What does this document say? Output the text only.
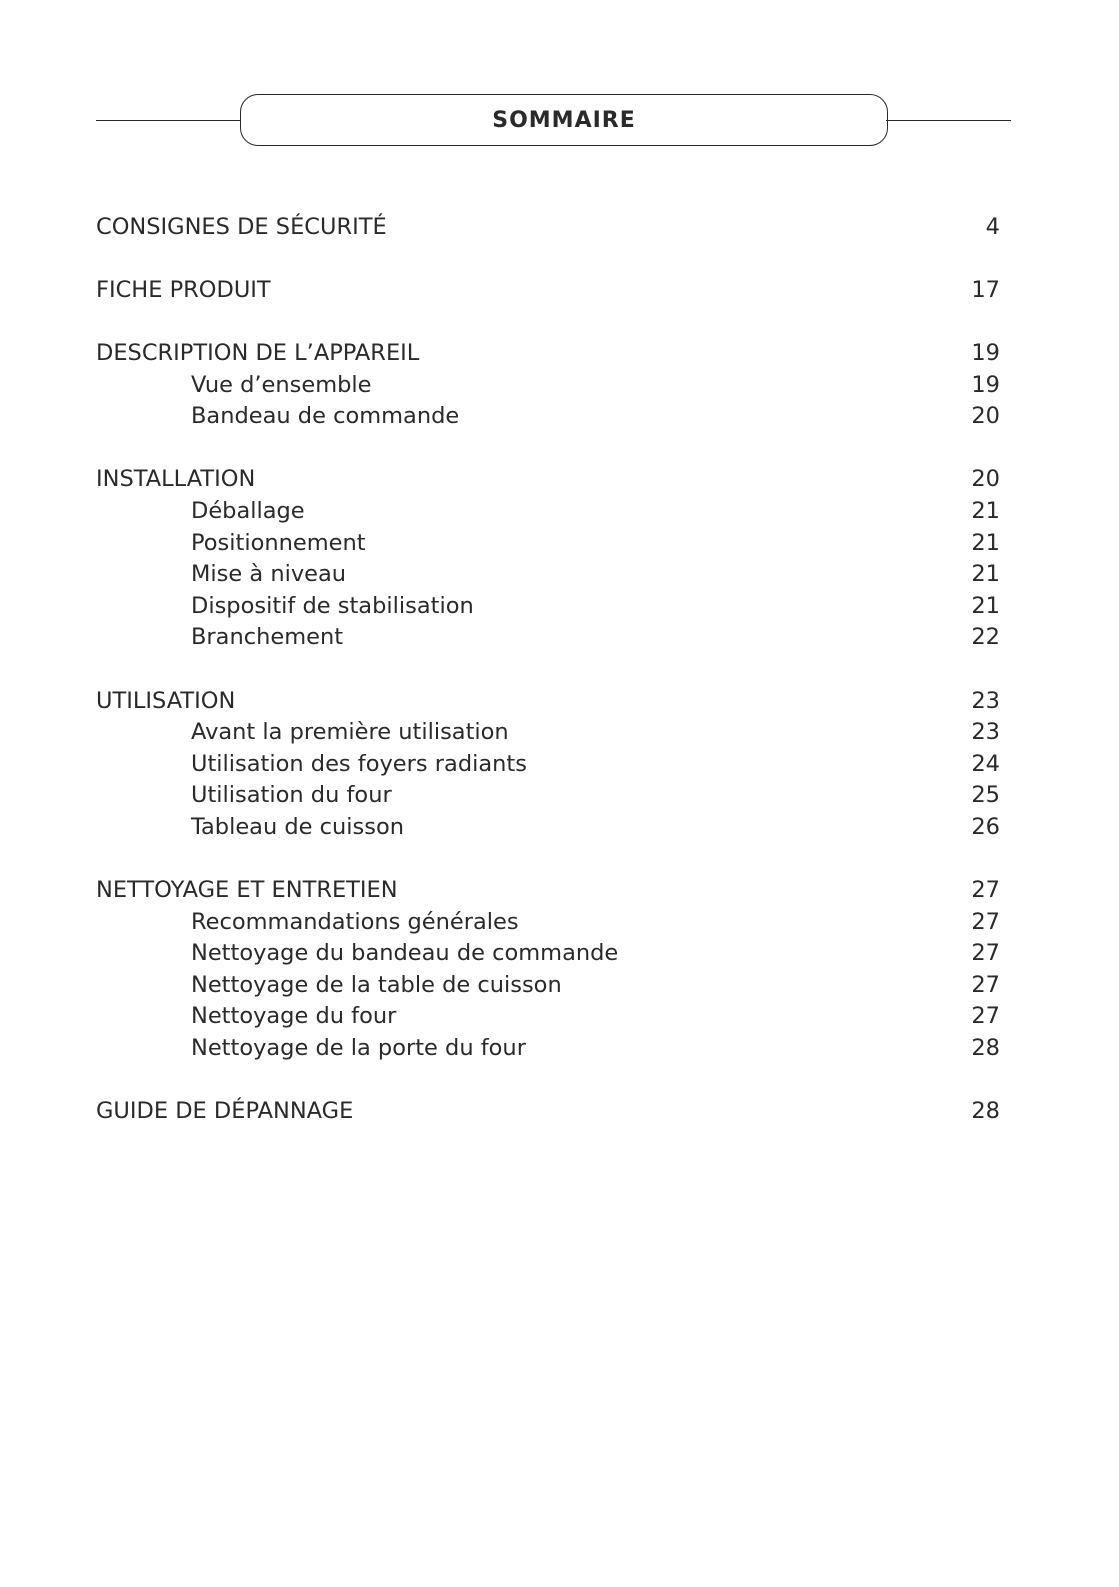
SOMMAIRE
CONSIGNES DE SÉCURITÉ	4
FICHE PRODUIT	17
DESCRIPTION DE L’APPAREIL	19
Vue d’ensemble	19
Bandeau de commande	20
INSTALLATION	20
Déballage	21
Positionnement	21
Mise à niveau	21
Dispositif de stabilisation	21
Branchement	22
UTILISATION	23
Avant la première utilisation	23
Utilisation des foyers radiants	24
Utilisation du four	25
Tableau de cuisson	26
NETTOYAGE ET ENTRETIEN	27
Recommandations générales	27
Nettoyage du bandeau de commande	27
Nettoyage de la table de cuisson	27
Nettoyage du four	27
Nettoyage de la porte du four	28
GUIDE DE DÉPANNAGE	28
